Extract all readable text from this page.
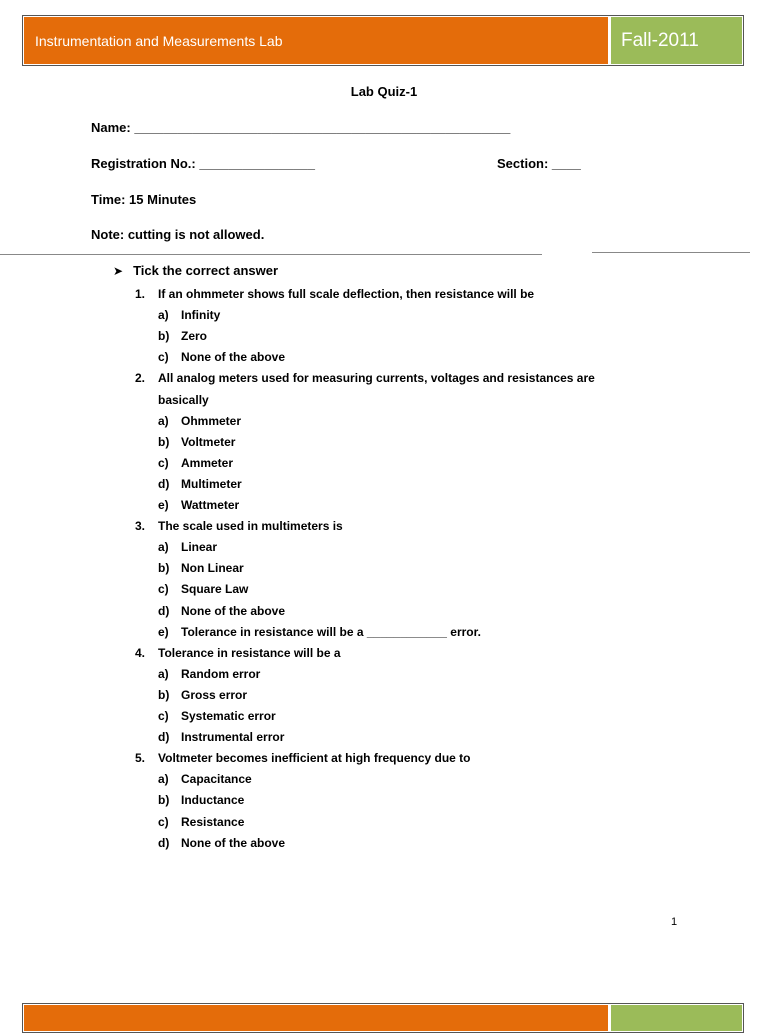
Instrumentation and Measurements Lab	Fall-2011
Lab Quiz-1
Name: ____________________________________________________
Registration No.: ________________	Section: ____
Time: 15 Minutes
Note: cutting is not allowed.
➤ Tick the correct answer
1. If an ohmmeter shows full scale deflection, then resistance will be
a) Infinity
b) Zero
c) None of the above
2. All analog meters used for measuring currents, voltages and resistances are
basically
a) Ohmmeter
b) Voltmeter
c) Ammeter
d) Multimeter
e) Wattmeter
3. The scale used in multimeters is
a) Linear
b) Non Linear
c) Square Law
d) None of the above
e) Tolerance in resistance will be a ____________ error.
4. Tolerance in resistance will be a
a) Random error
b) Gross error
c) Systematic error
d) Instrumental error
5. Voltmeter becomes inefficient at high frequency due to
a) Capacitance
b) Inductance
c) Resistance
d) None of the above
1
